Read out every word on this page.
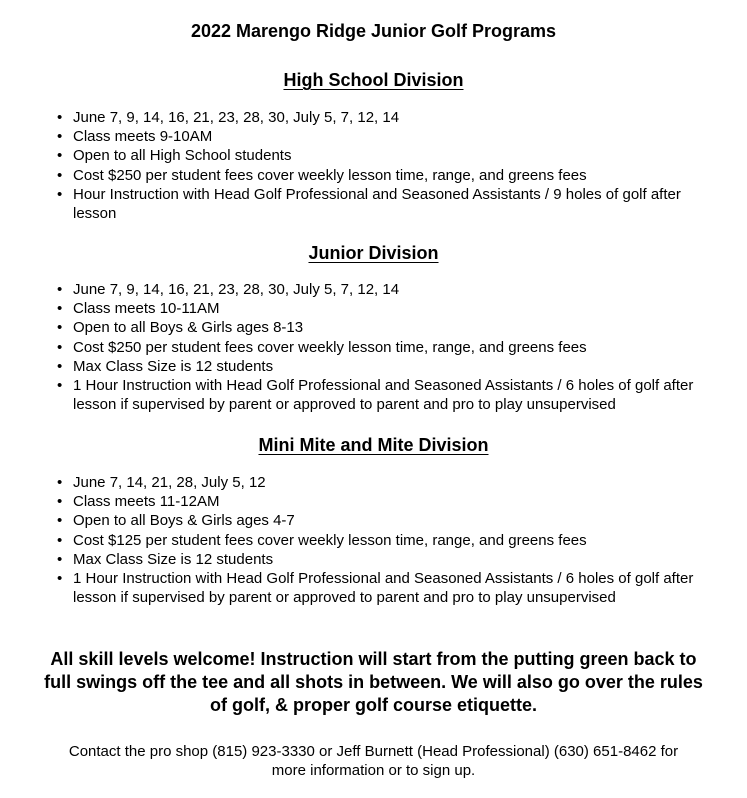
2022 Marengo Ridge Junior Golf Programs
High School Division
• June 7, 9, 14, 16, 21, 23, 28, 30, July 5, 7, 12, 14
• Class meets 9-10AM
• Open to all High School students
• Cost $250 per student fees cover weekly lesson time, range, and greens fees
• Hour Instruction with Head Golf Professional and Seasoned Assistants / 9 holes of golf after lesson
Junior Division
• June 7, 9, 14, 16, 21, 23, 28, 30, July 5, 7, 12, 14
• Class meets 10-11AM
• Open to all Boys & Girls ages 8-13
• Cost $250 per student fees cover weekly lesson time, range, and greens fees
• Max Class Size is 12 students
• 1 Hour Instruction with Head Golf Professional and Seasoned Assistants / 6 holes of golf after lesson if supervised by parent or approved to parent and pro to play unsupervised
Mini Mite and Mite Division
• June 7, 14, 21, 28, July 5, 12
• Class meets 11-12AM
• Open to all Boys & Girls ages 4-7
• Cost $125 per student fees cover weekly lesson time, range, and greens fees
• Max Class Size is 12 students
• 1 Hour Instruction with Head Golf Professional and Seasoned Assistants / 6 holes of golf after lesson if supervised by parent or approved to parent and pro to play unsupervised
All skill levels welcome! Instruction will start from the putting green back to full swings off the tee and all shots in between. We will also go over the rules of golf, & proper golf course etiquette.
Contact the pro shop (815) 923-3330 or Jeff Burnett (Head Professional) (630) 651-8462 for more information or to sign up.
